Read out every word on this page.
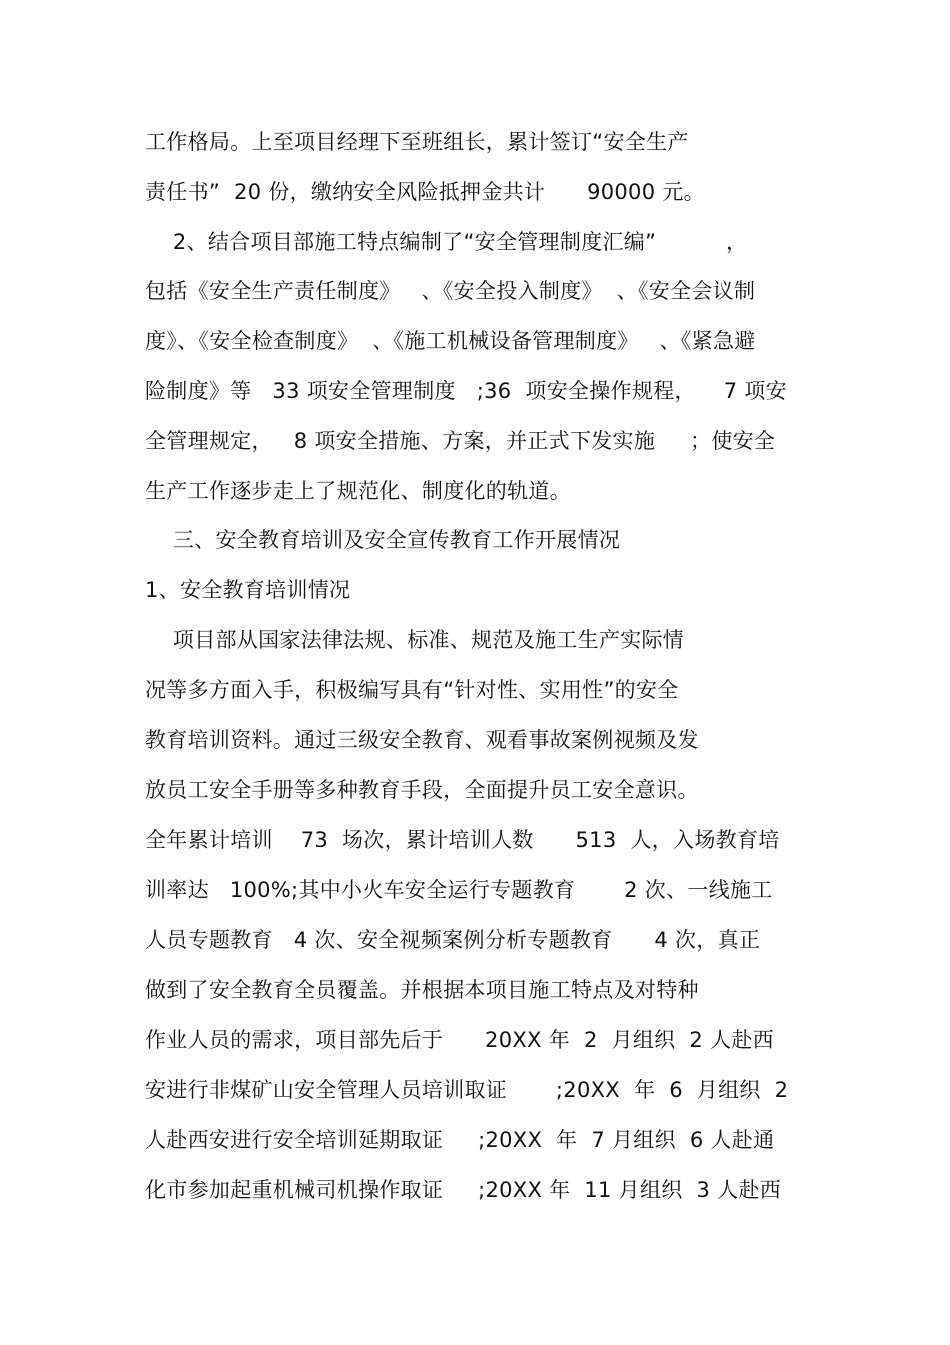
工作格局。上至项目经理下至班组长，累计签订“安全生产
责任书”  20 份，缴纳安全风险抵押金共计      90000 元。
2、结合项目部施工特点编制了“安全管理制度汇编”          ，
包括《安全生产责任制度》   、《安全投入制度》  、《安全会议制
度》、《安全检查制度》  、《施工机械设备管理制度》   、《紧急避
险制度》等   33 项安全管理制度   ;36  项安全操作规程，    7 项安
全管理规定，   8 项安全措施、方案，并正式下发实施     ；使安全
生产工作逐步走上了规范化、制度化的轨道。
三、安全教育培训及安全宣传教育工作开展情况
1、安全教育培训情况
项目部从国家法律法规、标准、规范及施工生产实际情
况等多方面入手，积极编写具有“针对性、实用性”的安全
教育培训资料。通过三级安全教育、观看事故案例视频及发
放员工安全手册等多种教育手段，全面提升员工安全意识。
全年累计培训    73  场次，累计培训人数      513  人，入场教育培
训率达   100%;其中小火车安全运行专题教育       2 次、一线施工
人员专题教育   4 次、安全视频案例分析专题教育      4 次，真正
做到了安全教育全员覆盖。并根据本项目施工特点及对特种
作业人员的需求，项目部先后于      20XX 年  2  月组织  2 人赴西
安进行非煤矿山安全管理人员培训取证       ;20XX  年  6  月组织  2
人赴西安进行安全培训延期取证     ;20XX  年  7 月组织  6 人赴通
化市参加起重机械司机操作取证     ;20XX 年  11 月组织  3 人赴西
